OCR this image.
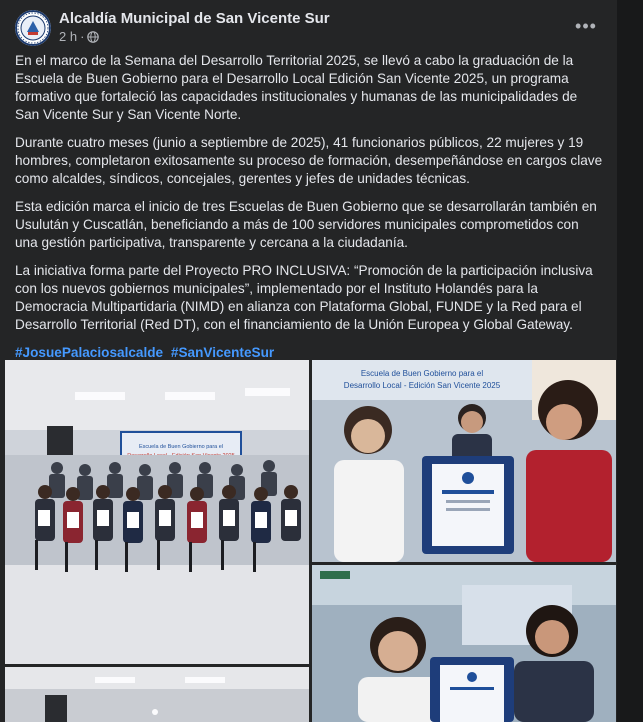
Alcaldía Municipal de San Vicente Sur
2 h ·
•••

En el marco de la Semana del Desarrollo Territorial 2025, se llevó a cabo la graduación de la Escuela de Buen Gobierno para el Desarrollo Local Edición San Vicente 2025, un programa formativo que fortaleció las capacidades institucionales y humanas de las municipalidades de San Vicente Sur y San Vicente Norte.

Durante cuatro meses (junio a septiembre de 2025), 41 funcionarios públicos, 22 mujeres y 19 hombres, completaron exitosamente su proceso de formación, desempeñándose en cargos clave como alcaldes, síndicos, concejales, gerentes y jefes de unidades técnicas.

Esta edición marca el inicio de tres Escuelas de Buen Gobierno que se desarrollarán también en Usulután y Cuscatlán, beneficiando a más de 100 servidores municipales comprometidos con una gestión participativa, transparente y cercana a la ciudadanía.

La iniciativa forma parte del Proyecto PRO INCLUSIVA: “Promoción de la participación inclusiva con los nuevos gobiernos municipales”, implementado por el Instituto Holandés para la Democracia Multipartidaria (NIMD) en alianza con Plataforma Global, FUNDE y la Red para el Desarrollo Territorial (Red DT), con el financiamiento de la Unión Europea y Global Gateway.

#JosuePalaciosalcalde #SanVicenteSur

Escuela de Buen Gobierno para el
Escuela de Buen Gobierno para el
Desarrollo Local - Edición San Vicente 2025
